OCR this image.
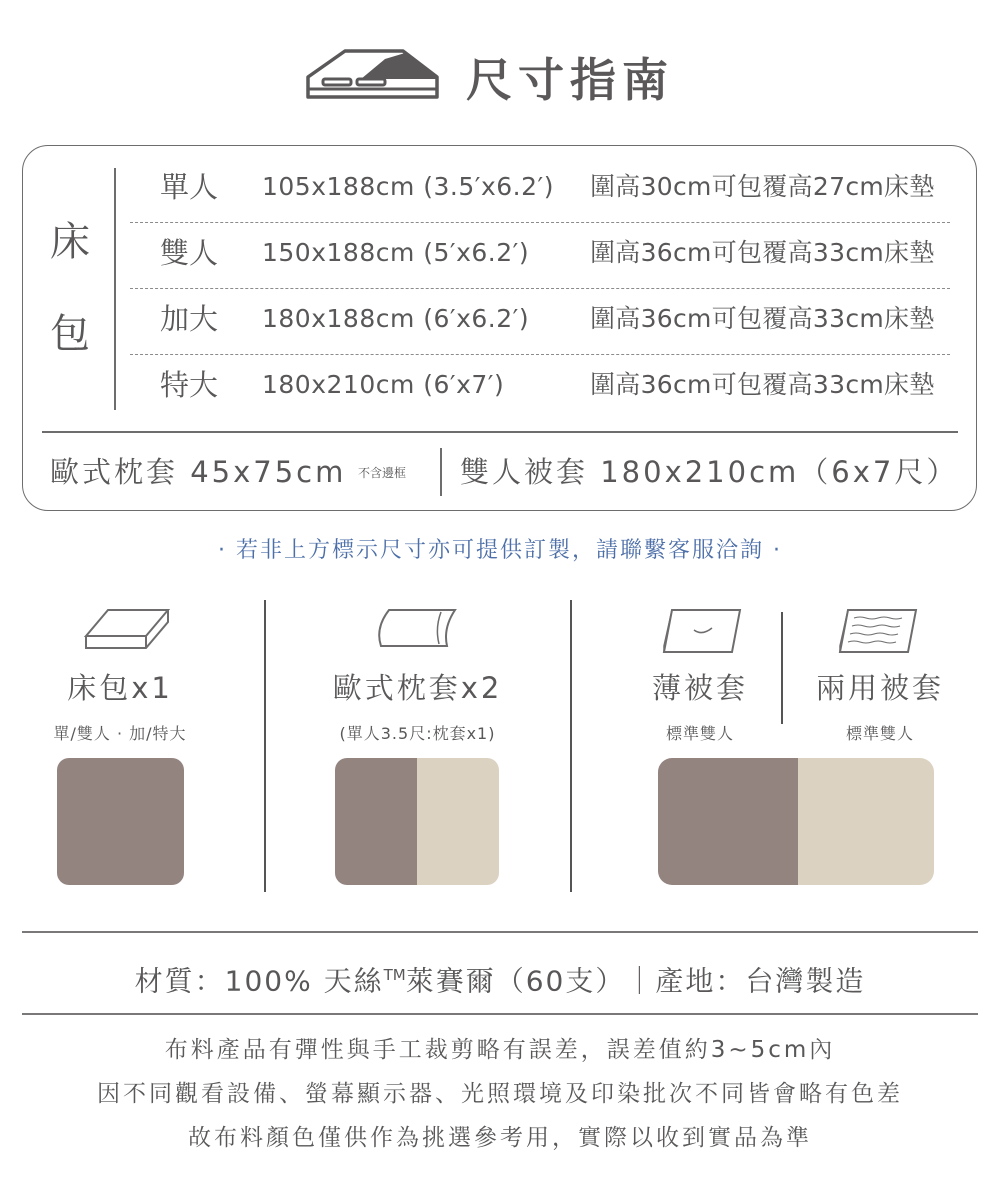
尺寸指南
床
包
單人 105x188cm (3.5′x6.2′) 圍高30cm可包覆高27cm床墊
雙人 150x188cm (5′x6.2′) 圍高36cm可包覆高33cm床墊
加大 180x188cm (6′x6.2′) 圍高36cm可包覆高33cm床墊
特大 180x210cm (6′x7′)	圍高36cm可包覆高33cm床墊
歐式枕套 45x75cm 不含邊框 雙人被套 180x210cm（6x7尺）
· 若非上方標示尺寸亦可提供訂製，請聯繫客服洽詢 ·
床包x1
單/雙人 · 加/特大
歐式枕套x2
(單人3.5尺:枕套x1)
薄被套
標準雙人
兩用被套
標準雙人
材質：100% 天絲™萊賽爾（60支）｜產地：台灣製造
布料產品有彈性與手工裁剪略有誤差，誤差值約3~5cm內
因不同觀看設備、螢幕顯示器、光照環境及印染批次不同皆會略有色差
故布料顏色僅供作為挑選參考用，實際以收到實品為準
